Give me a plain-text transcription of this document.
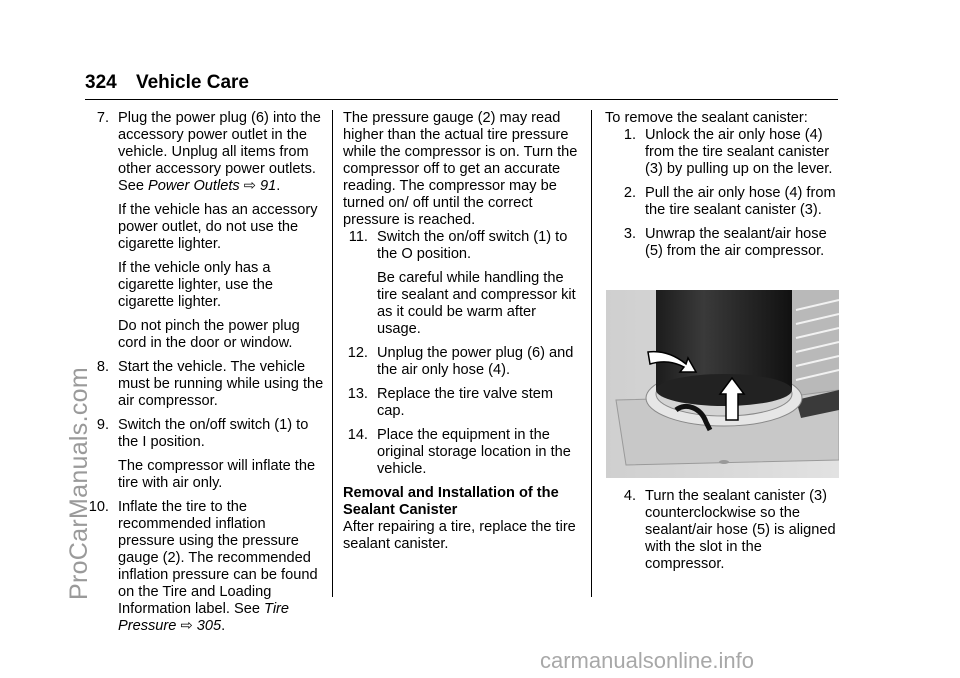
324 Vehicle Care
7. Plug the power plug (6) into the accessory power outlet in the vehicle. Unplug all items from other accessory power outlets. See Power Outlets ⇨ 91.

If the vehicle has an accessory power outlet, do not use the cigarette lighter.

If the vehicle only has a cigarette lighter, use the cigarette lighter.

Do not pinch the power plug cord in the door or window.

8. Start the vehicle. The vehicle must be running while using the air compressor.

9. Switch the on/off switch (1) to the I position.

The compressor will inflate the tire with air only.

10. Inflate the tire to the recommended inflation pressure using the pressure gauge (2). The recommended inflation pressure can be found on the Tire and Loading Information label. See Tire Pressure ⇨ 305.

The pressure gauge (2) may read higher than the actual tire pressure while the compressor is on. Turn the compressor off to get an accurate reading. The compressor may be turned on/ off until the correct pressure is reached.

11. Switch the on/off switch (1) to the O position.

Be careful while handling the tire sealant and compressor kit as it could be warm after usage.

12. Unplug the power plug (6) and the air only hose (4).

13. Replace the tire valve stem cap.

14. Place the equipment in the original storage location in the vehicle.

Removal and Installation of the Sealant Canister

After repairing a tire, replace the tire sealant canister.

To remove the sealant canister:

1. Unlock the air only hose (4) from the tire sealant canister (3) by pulling up on the lever.

2. Pull the air only hose (4) from the tire sealant canister (3).

3. Unwrap the sealant/air hose (5) from the air compressor.

4. Turn the sealant canister (3) counterclockwise so the sealant/air hose (5) is aligned with the slot in the compressor.

ProCarManuals.com
carmanualsonline.info
